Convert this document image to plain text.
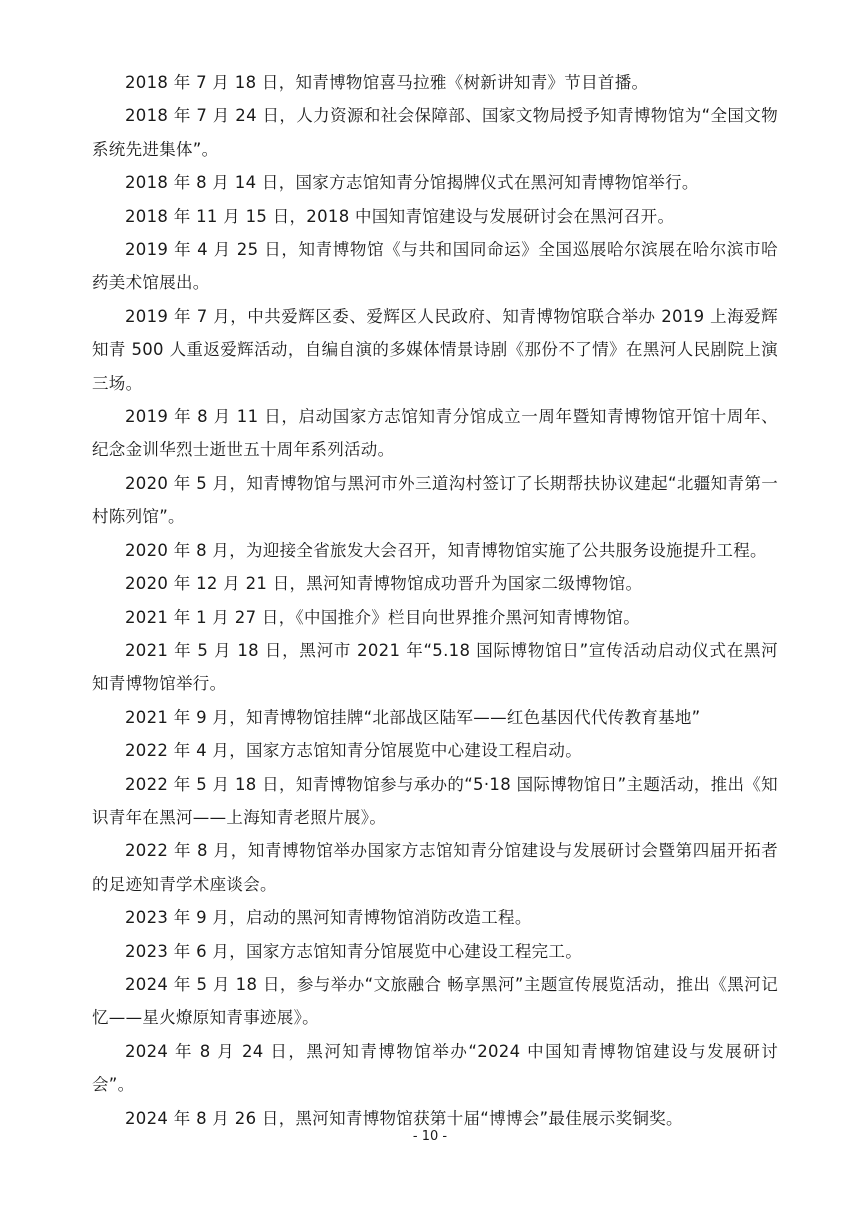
2018 年 7 月 18 日，知青博物馆喜马拉雅《树新讲知青》节目首播。

2018 年 7 月 24 日，人力资源和社会保障部、国家文物局授予知青博物馆为“全国文物系统先进集体”。

2018 年 8 月 14 日，国家方志馆知青分馆揭牌仪式在黑河知青博物馆举行。

2018 年 11 月 15 日，2018 中国知青馆建设与发展研讨会在黑河召开。

2019 年 4 月 25 日，知青博物馆《与共和国同命运》全国巡展哈尔滨展在哈尔滨市哈药美术馆展出。

2019 年 7 月，中共爱辉区委、爱辉区人民政府、知青博物馆联合举办 2019 上海爱辉知青 500 人重返爱辉活动，自编自演的多媒体情景诗剧《那份不了情》在黑河人民剧院上演三场。

2019 年 8 月 11 日，启动国家方志馆知青分馆成立一周年暨知青博物馆开馆十周年、纪念金训华烈士逝世五十周年系列活动。

2020 年 5 月，知青博物馆与黑河市外三道沟村签订了长期帮扶协议建起“北疆知青第一村陈列馆”。

2020 年 8 月，为迎接全省旅发大会召开，知青博物馆实施了公共服务设施提升工程。

2020 年 12 月 21 日，黑河知青博物馆成功晋升为国家二级博物馆。

2021 年 1 月 27 日，《中国推介》栏目向世界推介黑河知青博物馆。

2021 年 5 月 18 日，黑河市 2021 年“5.18 国际博物馆日”宣传活动启动仪式在黑河知青博物馆举行。

2021 年 9 月，知青博物馆挂牌“北部战区陆军——红色基因代代传教育基地”

2022 年 4 月，国家方志馆知青分馆展览中心建设工程启动。

2022 年 5 月 18 日，知青博物馆参与承办的“5·18 国际博物馆日”主题活动，推出《知识青年在黑河——上海知青老照片展》。

2022 年 8 月，知青博物馆举办国家方志馆知青分馆建设与发展研讨会暨第四届开拓者的足迹知青学术座谈会。

2023 年 9 月，启动的黑河知青博物馆消防改造工程。

2023 年 6 月，国家方志馆知青分馆展览中心建设工程完工。

2024 年 5 月 18 日，参与举办“文旅融合 畅享黑河”主题宣传展览活动，推出《黑河记忆——星火燎原知青事迹展》。

2024 年 8 月 24 日，黑河知青博物馆举办“2024 中国知青博物馆建设与发展研讨会”。

2024 年 8 月 26 日，黑河知青博物馆获第十届“博博会”最佳展示奖铜奖。

- 10 -
